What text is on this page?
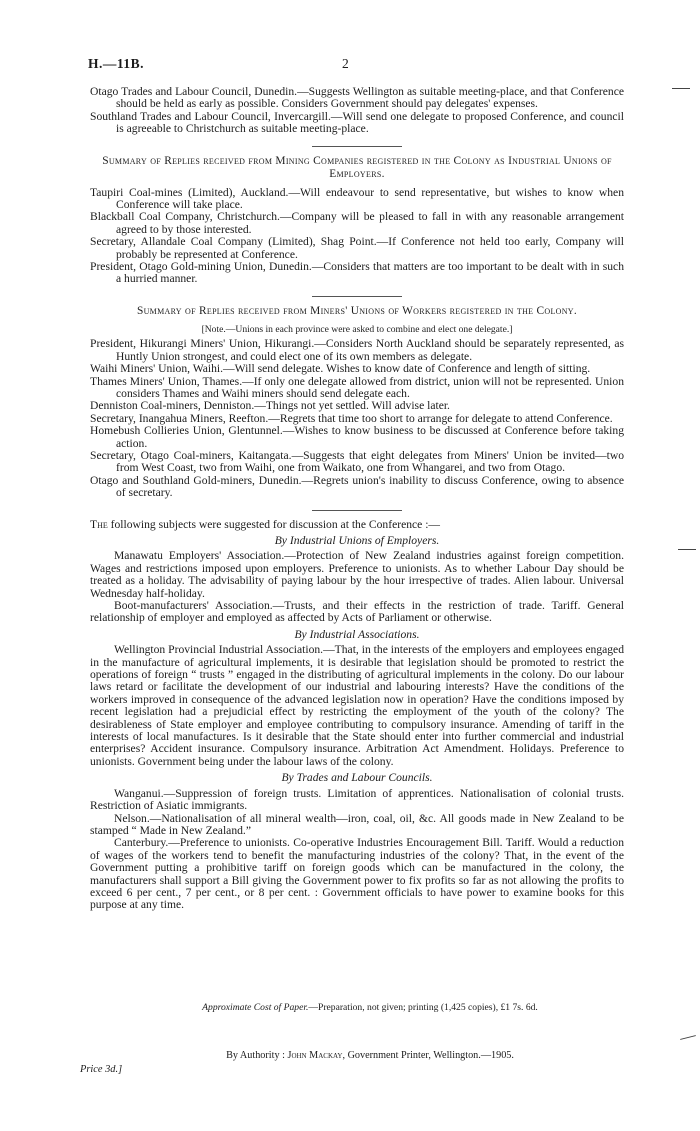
H.—11B.	2

Otago Trades and Labour Council, Dunedin.—Suggests Wellington as suitable meeting-place, and that Conference should be held as early as possible. Considers Government should pay delegates' expenses.

Southland Trades and Labour Council, Invercargill.—Will send one delegate to proposed Conference, and council is agreeable to Christchurch as suitable meeting-place.

Summary of Replies received from Mining Companies registered in the Colony as Industrial Unions of Employers.

Taupiri Coal-mines (Limited), Auckland.—Will endeavour to send representative, but wishes to know when Conference will take place.

Blackball Coal Company, Christchurch.—Company will be pleased to fall in with any reasonable arrangement agreed to by those interested.

Secretary, Allandale Coal Company (Limited), Shag Point.—If Conference not held too early, Company will probably be represented at Conference.

President, Otago Gold-mining Union, Dunedin.—Considers that matters are too important to be dealt with in such a hurried manner.

Summary of Replies received from Miners' Unions of Workers registered in the Colony.

[Note.—Unions in each province were asked to combine and elect one delegate.]

President, Hikurangi Miners' Union, Hikurangi.—Considers North Auckland should be separately represented, as Huntly Union strongest, and could elect one of its own members as delegate.

Waihi Miners' Union, Waihi.—Will send delegate. Wishes to know date of Conference and length of sitting.

Thames Miners' Union, Thames.—If only one delegate allowed from district, union will not be represented. Union considers Thames and Waihi miners should send delegate each.

Denniston Coal-miners, Denniston.—Things not yet settled. Will advise later.

Secretary, Inangahua Miners, Reefton.—Regrets that time too short to arrange for delegate to attend Conference.

Homebush Collieries Union, Glentunnel.—Wishes to know business to be discussed at Conference before taking action.

Secretary, Otago Coal-miners, Kaitangata.—Suggests that eight delegates from Miners' Union be invited—two from West Coast, two from Waihi, one from Waikato, one from Whangarei, and two from Otago.

Otago and Southland Gold-miners, Dunedin.—Regrets union's inability to discuss Conference, owing to absence of secretary.

The following subjects were suggested for discussion at the Conference :—

By Industrial Unions of Employers.

Manawatu Employers' Association.—Protection of New Zealand industries against foreign competition. Wages and restrictions imposed upon employers. Preference to unionists. As to whether Labour Day should be treated as a holiday. The advisability of paying labour by the hour irrespective of trades. Alien labour. Universal Wednesday half-holiday.

Boot-manufacturers' Association.—Trusts, and their effects in the restriction of trade. Tariff. General relationship of employer and employed as affected by Acts of Parliament or otherwise.

By Industrial Associations.

Wellington Provincial Industrial Association.—That, in the interests of the employers and employees engaged in the manufacture of agricultural implements, it is desirable that legislation should be promoted to restrict the operations of foreign “ trusts ” engaged in the distributing of agricultural implements in the colony. Do our labour laws retard or facilitate the development of our industrial and labouring interests? Have the conditions of the workers improved in consequence of the advanced legislation now in operation? Have the conditions imposed by recent legislation had a prejudicial effect by restricting the employment of the youth of the colony? The desirableness of State employer and employee contributing to compulsory insurance. Amending of tariff in the interests of local manufactures. Is it desirable that the State should enter into further commercial and industrial enterprises? Accident insurance. Compulsory insurance. Arbitration Act Amendment. Holidays. Preference to unionists. Government being under the labour laws of the colony.

By Trades and Labour Councils.

Wanganui.—Suppression of foreign trusts. Limitation of apprentices. Nationalisation of colonial trusts. Restriction of Asiatic immigrants.

Nelson.—Nationalisation of all mineral wealth—iron, coal, oil, &c. All goods made in New Zealand to be stamped “ Made in New Zealand.”

Canterbury.—Preference to unionists. Co-operative Industries Encouragement Bill. Tariff. Would a reduction of wages of the workers tend to benefit the manufacturing industries of the colony? That, in the event of the Government putting a prohibitive tariff on foreign goods which can be manufactured in the colony, the manufacturers shall support a Bill giving the Government power to fix profits so far as not allowing the profits to exceed 6 per cent., 7 per cent., or 8 per cent. : Government officials to have power to examine books for this purpose at any time.

Approximate Cost of Paper.—Preparation, not given; printing (1,425 copies), £1 7s. 6d.
By Authority : John Mackay, Government Printer, Wellington.—1905.
Price 3d.]
